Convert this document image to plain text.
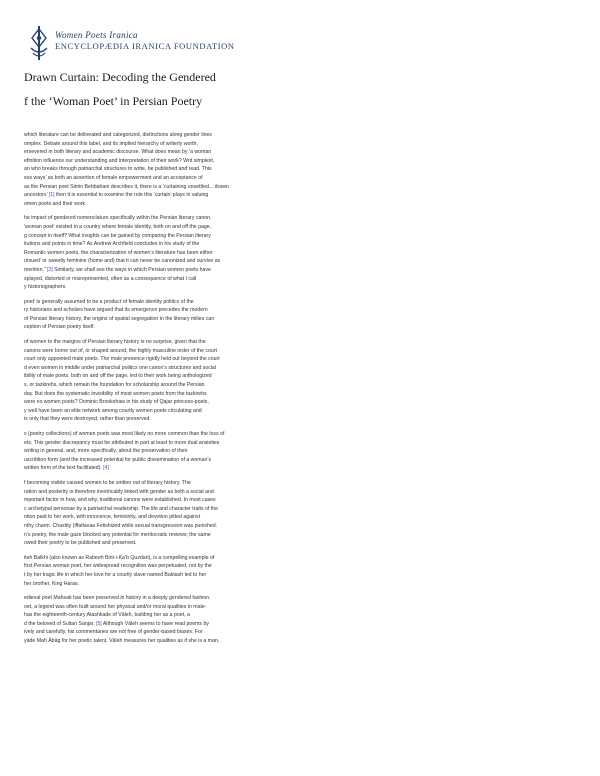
Women Poets Iranica
ENCYCLOPÆDIA IRANICA FOUNDATION
Drawn Curtain: Decoding the Gendered
f the ‘Woman Poet’ in Persian Poetry
which literature can be delineated and categorized, distinctions along gender lines
omplex. Debate around this label, and its implied hierarchy of writerly worth,
ersevered in both literary and academic discourse. What does mean by ‘a woman
efinition influence our understanding and interpretation of their work? Writ simplest,
an who breaks through patriarchal structures to write, be published and read. This
ess ways’ as both an assertion of female empowerment and an acceptance of
as the Persian poet Simin Behbahani describes it, there is a ‘curtaining unsettled... drawn
ancestors’ [1] then it is essential to examine the role this ‘curtain’ plays in valuing
omen poets and their work.
he impact of gendered nomenclature specifically within the Persian literary canon.
‘woman poet’ existed in a country where female identity, both on and off the page,
g concept in itself? What insights can be gained by comparing the Persian literary
itutions and points in time? As Andrew Archfield concludes in his study of the
Romantic women poets, the characterization of women’s literature has been either
ursued’ or sweetly feminine (home and) that it can never be canonized and survive as
mention.” [2] Similarly, we shall see the ways in which Persian women poets have
splayed, distorted or misrepresented, often as a consequence of what I call
y historiographers.
poet’ is generally assumed to be a product of female identity politics of the
ry historians and scholars have argued that its emergence precedes the modern
of Persian literary history, the origins of spatial segregation in the literary milieu can
ception of Persian poetry itself.
of women to the margins of Persian literary history is no surprise, given that the
canons were borne out of, or shaped around, the highly masculine order of the court
court only appointed male poets. The male presence rigidly held out beyond the court
d even women in middle under patriarchal politics one canon’s structures and social
ibility of male poets. both on and off the page, led to their work being anthologized
s, or tazkirehs, which remain the foundation for scholarship around the Persian
day. But does the systematic invisibility of most women poets from the tazkirehs
were no women poets? Dominic Brookshaw in his study of Qajar princess-poets,
y well have been an elite network among courtly women poets circulating and
is only that they were destroyed, rather than preserved.
s (poetry collections) of women poets was most likely no more common than the loss of
ets. This gender discrepancy must be attributed in part at least to more dual anxieties
writing in general, and, more specifically, about the preservation of their
uscribtion form (and the increased potential for public dissemination of a woman’s
written form of the text facilitated). [4]
f becoming visible caused women to be written out of literary history. The
ration and posterity is therefore inextricably linked with gender as both a social and
mportant factor in how, and why, traditional canons were established. In most cases
c archetypal personae by a patriarchal readership. The life and character traits of the
ntion paid to her work, with innocence, femininity, and devotion pitted against
nthy charm. Chastity (iffatlavaa Fetishized while sexual transgression was punished.
n’s poetry, the male gaze blocked any potential for meritocratic reviews; the same
owed their poetry to be published and preserved.
iteh Balkhi (also known as Rabeeh Bint-i-Ka’b Quzdari), is a compelling example of
first Persian woman poet, her widespread recognition was perpetuated, not by the
t by her tragic life in which her love for a courtly slave named Baktash led to her
her brother, King Haras.
edieval poet Mahsati has been preserved in history in a deeply gendered fashion.
oet, a legend was often built around her physical and/or moral qualities in male-
has the eighteenth-century Atashkade of Vāleh, building her as a poet, a
d the beloved of Sultan Sanjar. [5] Although Vāleh seems to have read poems by
ively and carefully, his commentaries are not free of gender-based biases. For
yāde Mah Ābāg for her poetic talent, Vāleh measures her qualities as if she is a man,
